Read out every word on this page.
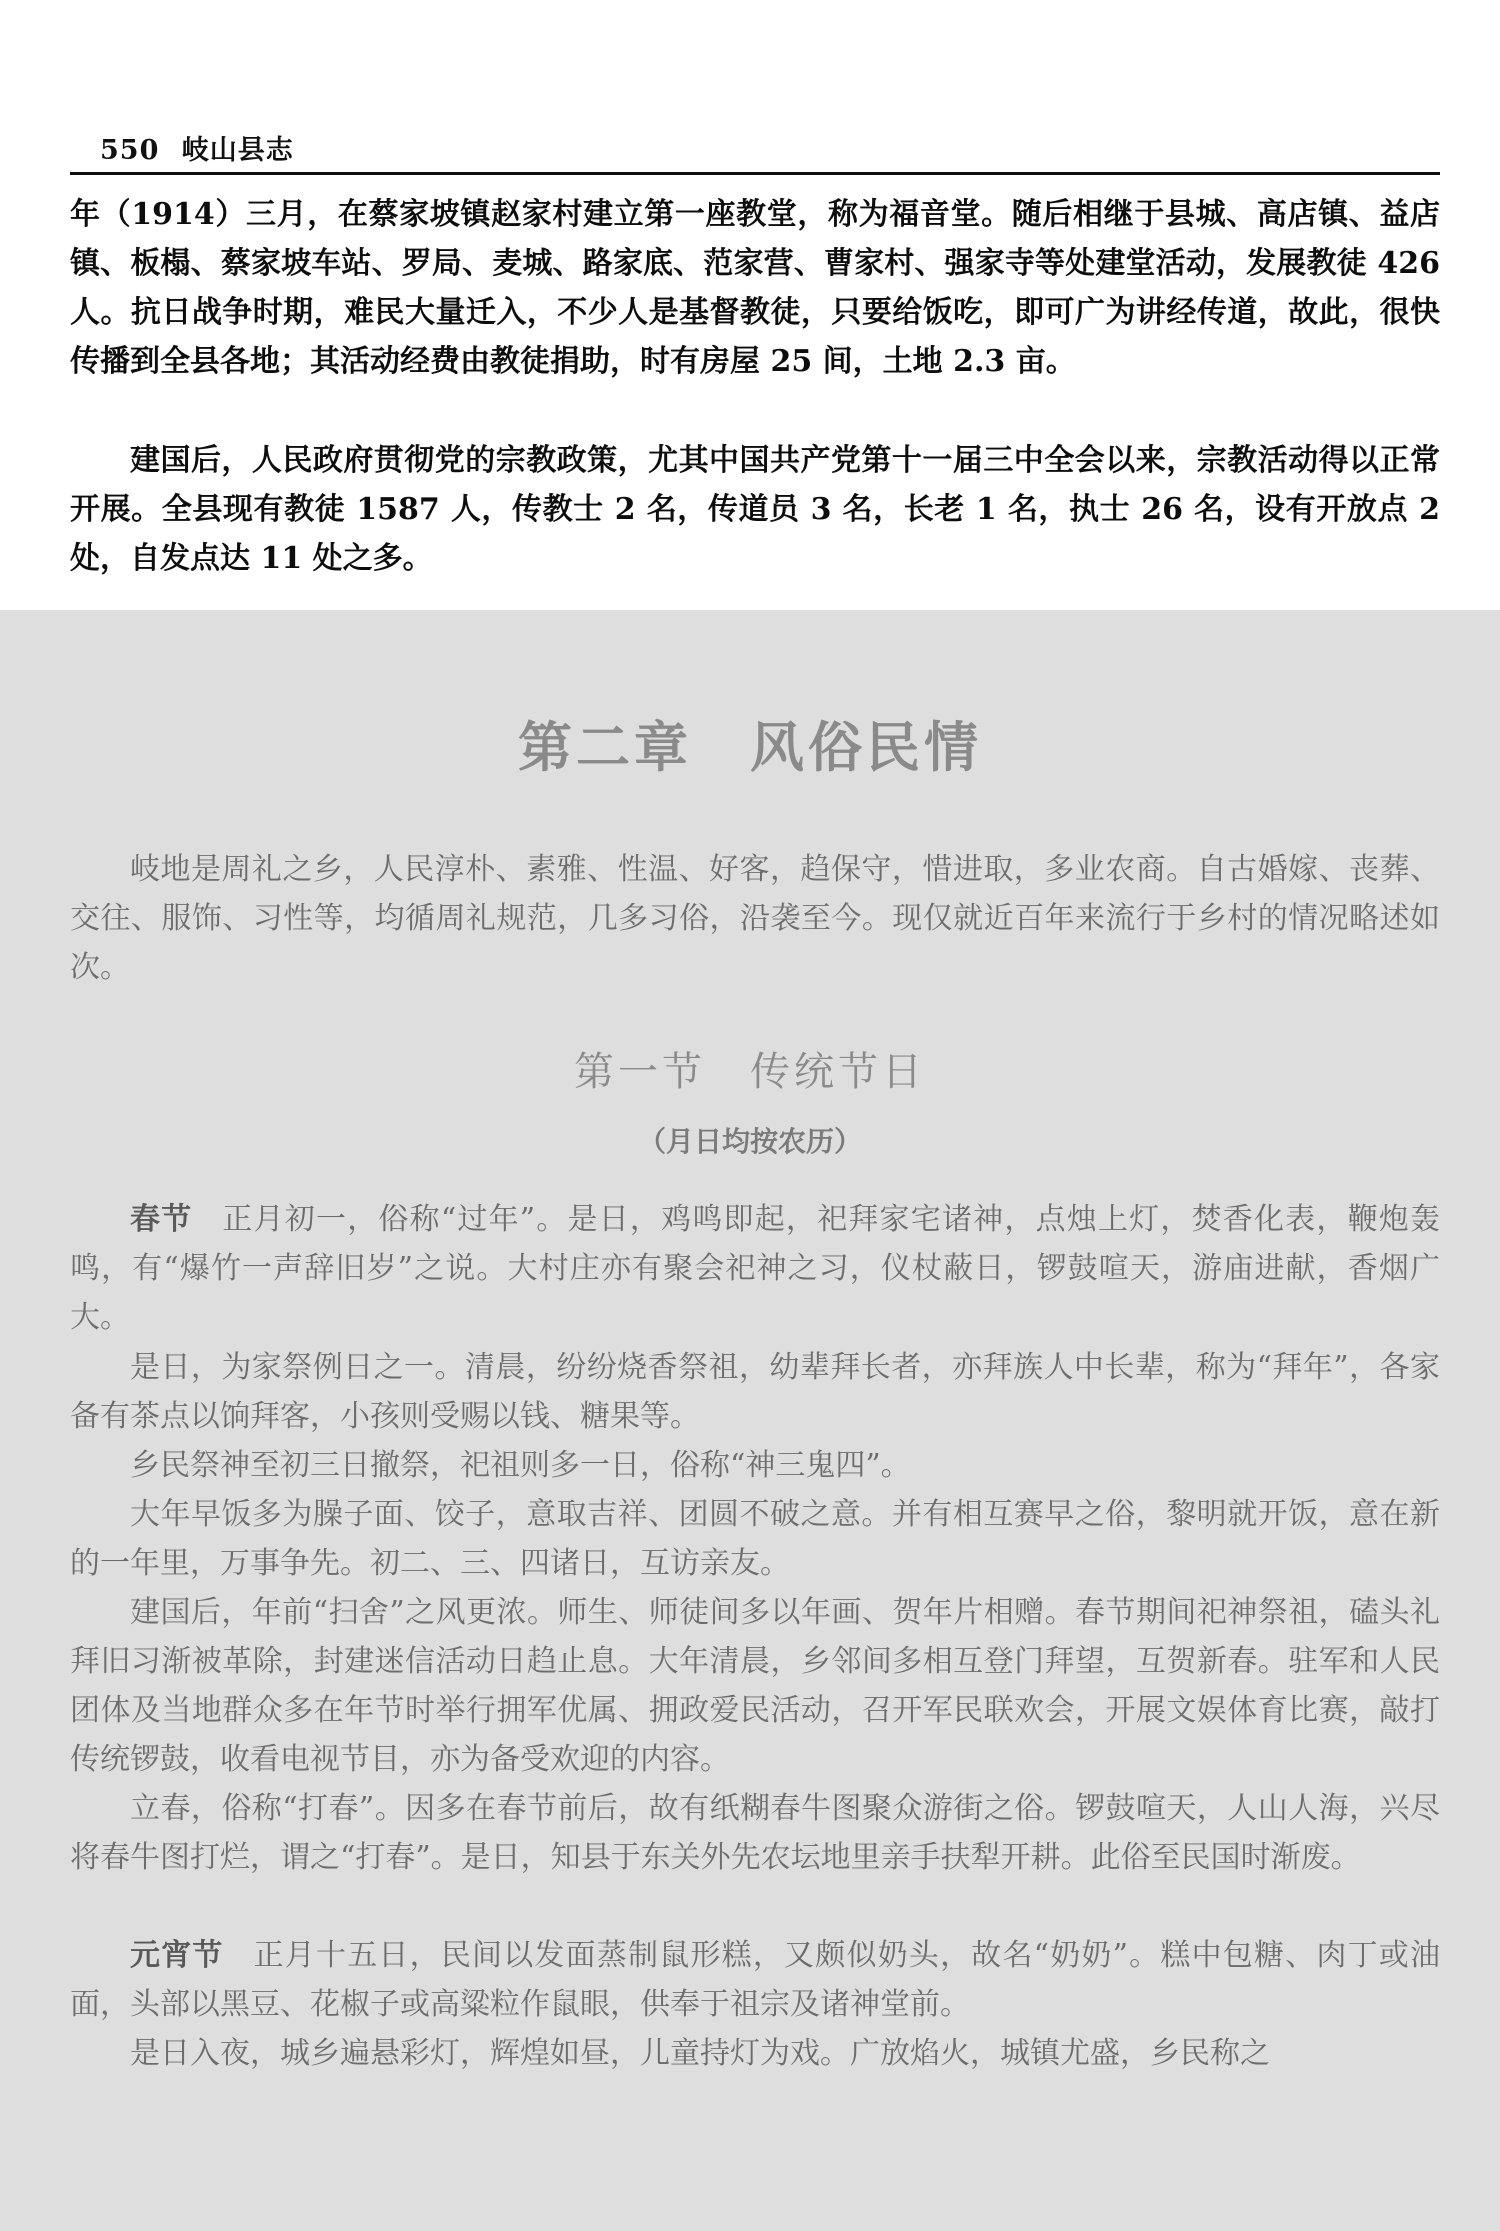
550 岐山县志

年（1914）三月，在蔡家坡镇赵家村建立第一座教堂，称为福音堂。随后相继于县城、高店镇、益店镇、板榻、蔡家坡车站、罗局、麦城、路家底、范家营、曹家村、强家寺等处建堂活动，发展教徒 426 人。抗日战争时期，难民大量迁入，不少人是基督教徒，只要给饭吃，即可广为讲经传道，故此，很快传播到全县各地；其活动经费由教徒捐助，时有房屋 25 间，土地 2.3 亩。

建国后，人民政府贯彻党的宗教政策，尤其中国共产党第十一届三中全会以来，宗教活动得以正常开展。全县现有教徒 1587 人，传教士 2 名，传道员 3 名，长老 1 名，执士 26 名，设有开放点 2 处，自发点达 11 处之多。

第二章　风俗民情

岐地是周礼之乡，人民淳朴、素雅、性温、好客，趋保守，惜进取，多业农商。自古婚嫁、丧葬、交往、服饰、习性等，均循周礼规范，几多习俗，沿袭至今。现仅就近百年来流行于乡村的情况略述如次。

第一节　传统节日
（月日均按农历）

春节 正月初一，俗称“过年”。是日，鸡鸣即起，祀拜家宅诸神，点烛上灯，焚香化表，鞭炮轰鸣，有“爆竹一声辞旧岁”之说。大村庄亦有聚会祀神之习，仪杖蔽日，锣鼓喧天，游庙进献，香烟广大。

是日，为家祭例日之一。清晨，纷纷烧香祭祖，幼辈拜长者，亦拜族人中长辈，称为“拜年”，各家备有茶点以饷拜客，小孩则受赐以钱、糖果等。

乡民祭神至初三日撤祭，祀祖则多一日，俗称“神三鬼四”。

大年早饭多为臊子面、饺子，意取吉祥、团圆不破之意。并有相互赛早之俗，黎明就开饭，意在新的一年里，万事争先。初二、三、四诸日，互访亲友。

建国后，年前“扫舍”之风更浓。师生、师徒间多以年画、贺年片相赠。春节期间祀神祭祖，磕头礼拜旧习渐被革除，封建迷信活动日趋止息。大年清晨，乡邻间多相互登门拜望，互贺新春。驻军和人民团体及当地群众多在年节时举行拥军优属、拥政爱民活动，召开军民联欢会，开展文娱体育比赛，敲打传统锣鼓，收看电视节目，亦为备受欢迎的内容。

立春，俗称“打春”。因多在春节前后，故有纸糊春牛图聚众游街之俗。锣鼓喧天，人山人海，兴尽将春牛图打烂，谓之“打春”。是日，知县于东关外先农坛地里亲手扶犁开耕。此俗至民国时渐废。

元宵节 正月十五日，民间以发面蒸制鼠形糕，又颇似奶头，故名“奶奶”。糕中包糖、肉丁或油面，头部以黑豆、花椒子或高粱粒作鼠眼，供奉于祖宗及诸神堂前。

是日入夜，城乡遍悬彩灯，辉煌如昼，儿童持灯为戏。广放焰火，城镇尤盛，乡民称之
